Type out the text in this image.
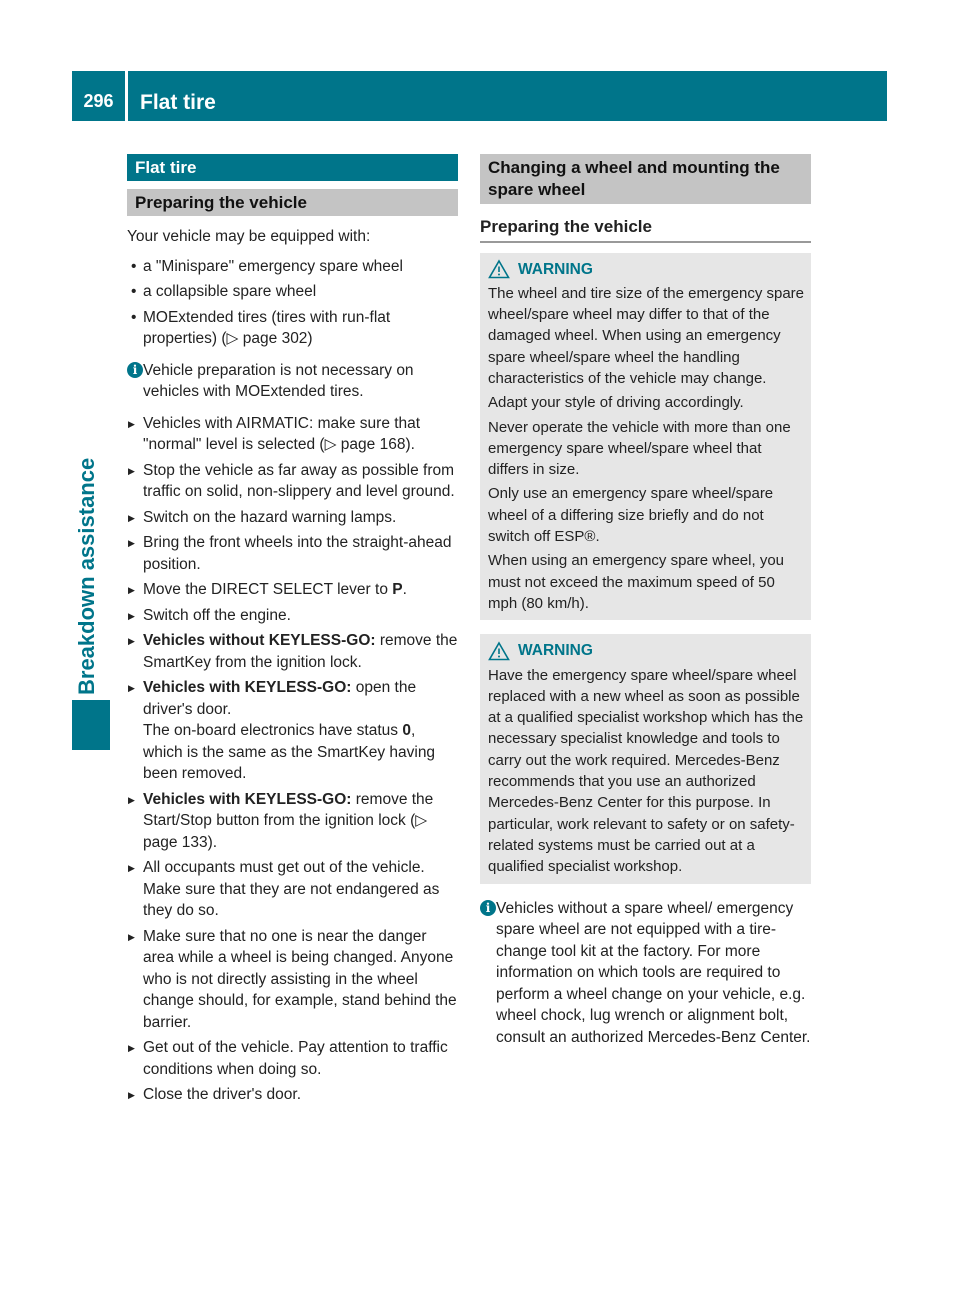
296	Flat tire
Breakdown assistance
Flat tire
Preparing the vehicle

Your vehicle may be equipped with:

• a "Minispare" emergency spare wheel
• a collapsible spare wheel
• MOExtended tires (tires with run-flat properties) (▷ page 302)
i Vehicle preparation is not necessary on vehicles with MOExtended tires.
▶ Vehicles with AIRMATIC: make sure that "normal" level is selected (▷ page 168).
▶ Stop the vehicle as far away as possible from traffic on solid, non-slippery and level ground.
▶ Switch on the hazard warning lamps.
▶ Bring the front wheels into the straight-ahead position.
▶ Move the DIRECT SELECT lever to P.
▶ Switch off the engine.
▶ Vehicles without KEYLESS-GO: remove the SmartKey from the ignition lock.
▶ Vehicles with KEYLESS-GO: open the driver's door.
The on-board electronics have status 0, which is the same as the SmartKey having been removed.
▶ Vehicles with KEYLESS-GO: remove the Start/Stop button from the ignition lock (▷ page 133).
▶ All occupants must get out of the vehicle. Make sure that they are not endangered as they do so.
▶ Make sure that no one is near the danger area while a wheel is being changed. Anyone who is not directly assisting in the wheel change should, for example, stand behind the barrier.
▶ Get out of the vehicle. Pay attention to traffic conditions when doing so.
▶ Close the driver's door.
Changing a wheel and mounting the spare wheel
Preparing the vehicle
WARNING

The wheel and tire size of the emergency spare wheel/spare wheel may differ to that of the damaged wheel. When using an emergency spare wheel/spare wheel the handling characteristics of the vehicle may change.

Adapt your style of driving accordingly.

Never operate the vehicle with more than one emergency spare wheel/spare wheel that differs in size.

Only use an emergency spare wheel/spare wheel of a differing size briefly and do not switch off ESP®.

When using an emergency spare wheel, you must not exceed the maximum speed of 50 mph (80 km/h).

WARNING

Have the emergency spare wheel/spare wheel replaced with a new wheel as soon as possible at a qualified specialist workshop which has the necessary specialist knowledge and tools to carry out the work required. Mercedes-Benz recommends that you use an authorized Mercedes-Benz Center for this purpose. In particular, work relevant to safety or on safety-related systems must be carried out at a qualified specialist workshop.

i Vehicles without a spare wheel/ emergency spare wheel are not equipped with a tire-change tool kit at the factory. For more information on which tools are required to perform a wheel change on your vehicle, e.g. wheel chock, lug wrench or alignment bolt, consult an authorized Mercedes-Benz Center.
